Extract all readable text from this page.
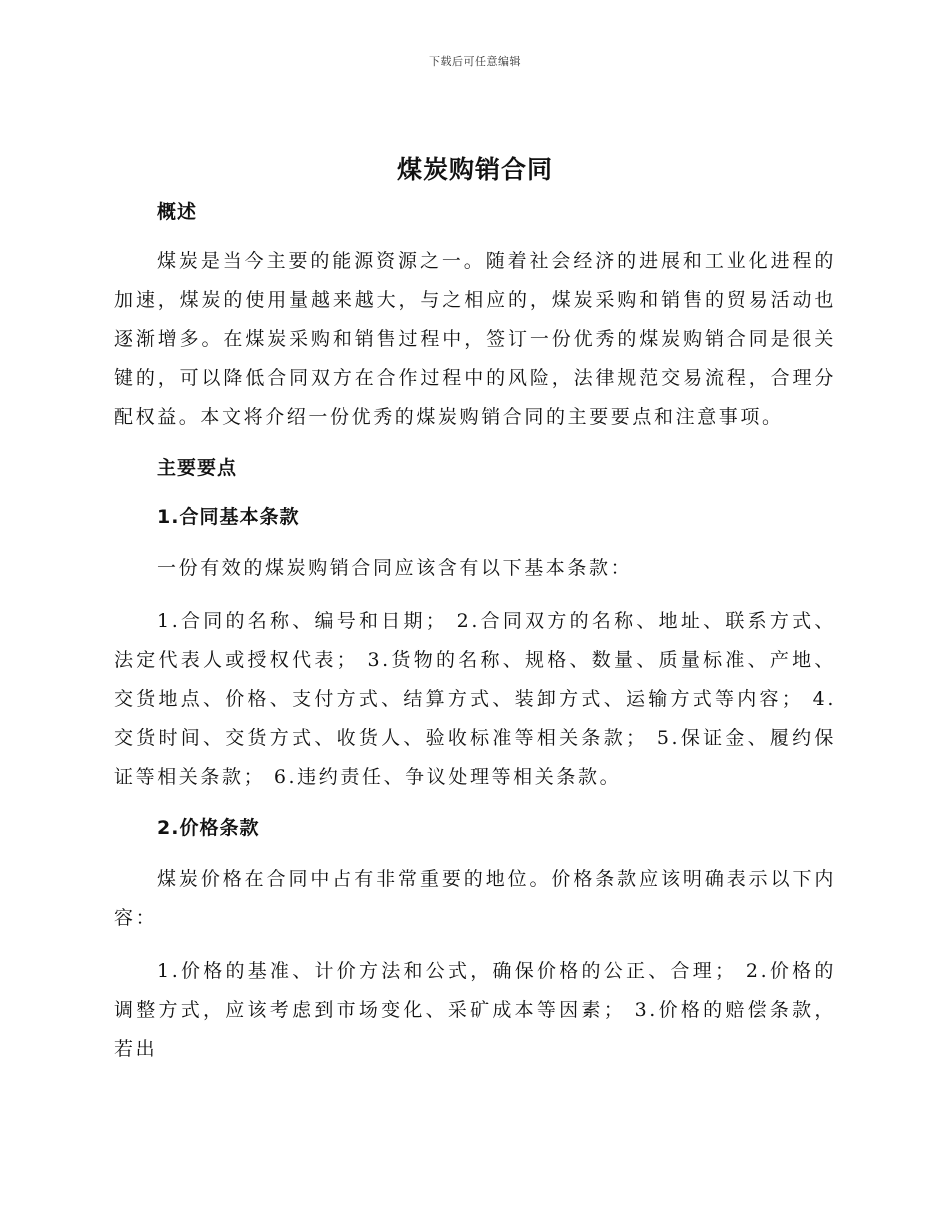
下载后可任意编辑
煤炭购销合同

概述

煤炭是当今主要的能源资源之一。随着社会经济的进展和工业化进程的加速，煤炭的使用量越来越大，与之相应的，煤炭采购和销售的贸易活动也逐渐增多。在煤炭采购和销售过程中，签订一份优秀的煤炭购销合同是很关键的，可以降低合同双方在合作过程中的风险，法律规范交易流程，合理分配权益。本文将介绍一份优秀的煤炭购销合同的主要要点和注意事项。

主要要点

1.合同基本条款

一份有效的煤炭购销合同应该含有以下基本条款：

1.合同的名称、编号和日期； 2.合同双方的名称、地址、联系方式、法定代表人或授权代表； 3.货物的名称、规格、数量、质量标准、产地、交货地点、价格、支付方式、结算方式、装卸方式、运输方式等内容； 4.交货时间、交货方式、收货人、验收标准等相关条款； 5.保证金、履约保证等相关条款； 6.违约责任、争议处理等相关条款。

2.价格条款

煤炭价格在合同中占有非常重要的地位。价格条款应该明确表示以下内容：

1.价格的基准、计价方法和公式，确保价格的公正、合理； 2.价格的调整方式，应该考虑到市场变化、采矿成本等因素； 3.价格的赔偿条款，若出
